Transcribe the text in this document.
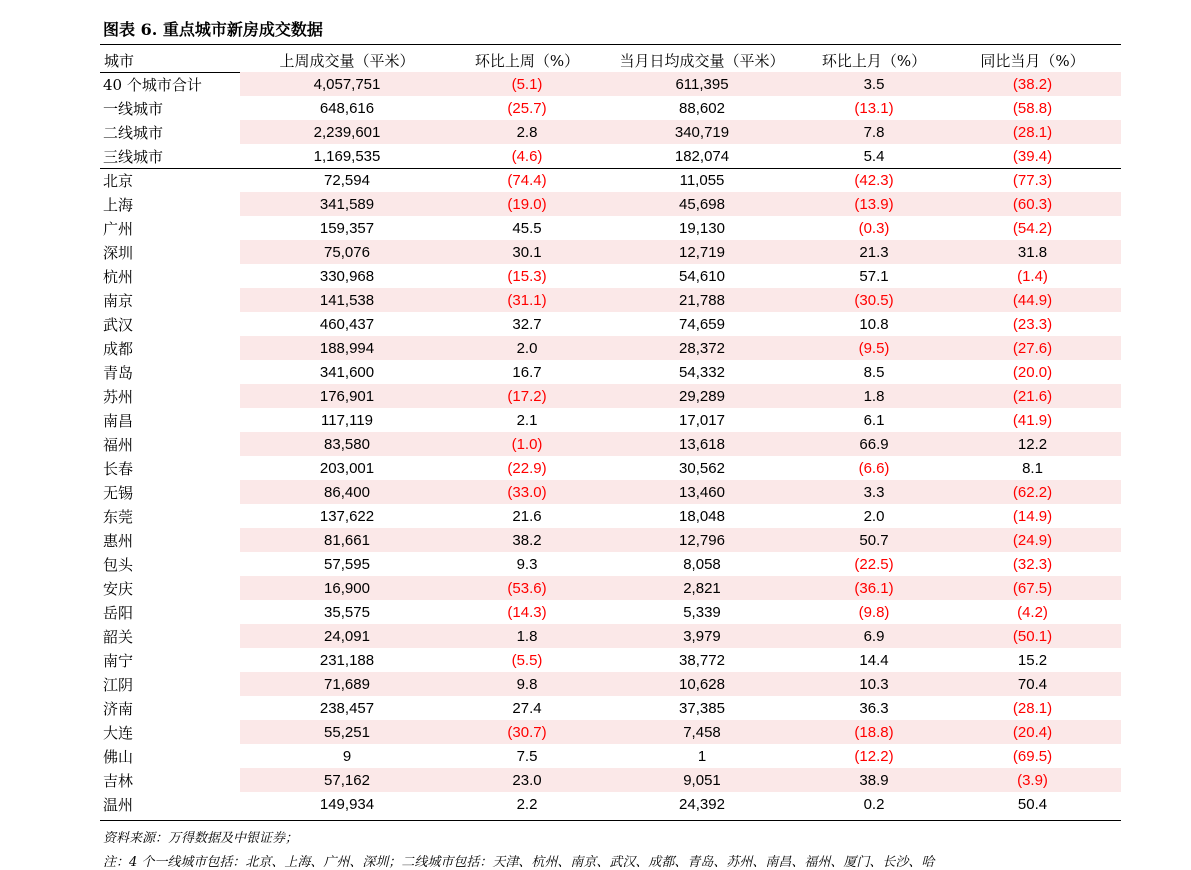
图表 6. 重点城市新房成交数据
城市	上周成交量（平米）	环比上周（%）	当月日均成交量（平米）	环比上月（%）	同比当月（%）
40 个城市合计	4,057,751	(5.1)	611,395	3.5	(38.2)
一线城市	648,616	(25.7)	88,602	(13.1)	(58.8)
二线城市	2,239,601	2.8	340,719	7.8	(28.1)
三线城市	1,169,535	(4.6)	182,074	5.4	(39.4)
北京	72,594	(74.4)	11,055	(42.3)	(77.3)
上海	341,589	(19.0)	45,698	(13.9)	(60.3)
广州	159,357	45.5	19,130	(0.3)	(54.2)
深圳	75,076	30.1	12,719	21.3	31.8
杭州	330,968	(15.3)	54,610	57.1	(1.4)
南京	141,538	(31.1)	21,788	(30.5)	(44.9)
武汉	460,437	32.7	74,659	10.8	(23.3)
成都	188,994	2.0	28,372	(9.5)	(27.6)
青岛	341,600	16.7	54,332	8.5	(20.0)
苏州	176,901	(17.2)	29,289	1.8	(21.6)
南昌	117,119	2.1	17,017	6.1	(41.9)
福州	83,580	(1.0)	13,618	66.9	12.2
长春	203,001	(22.9)	30,562	(6.6)	8.1
无锡	86,400	(33.0)	13,460	3.3	(62.2)
东莞	137,622	21.6	18,048	2.0	(14.9)
惠州	81,661	38.2	12,796	50.7	(24.9)
包头	57,595	9.3	8,058	(22.5)	(32.3)
安庆	16,900	(53.6)	2,821	(36.1)	(67.5)
岳阳	35,575	(14.3)	5,339	(9.8)	(4.2)
韶关	24,091	1.8	3,979	6.9	(50.1)
南宁	231,188	(5.5)	38,772	14.4	15.2
江阴	71,689	9.8	10,628	10.3	70.4
济南	238,457	27.4	37,385	36.3	(28.1)
大连	55,251	(30.7)	7,458	(18.8)	(20.4)
佛山	9	7.5	1	(12.2)	(69.5)
吉林	57,162	23.0	9,051	38.9	(3.9)
温州	149,934	2.2	24,392	0.2	50.4
资料来源：万得数据及中银证券；
注：4 个一线城市包括：北京、上海、广州、深圳；二线城市包括：天津、杭州、南京、武汉、成都、青岛、苏州、南昌、福州、厦门、长沙、哈
